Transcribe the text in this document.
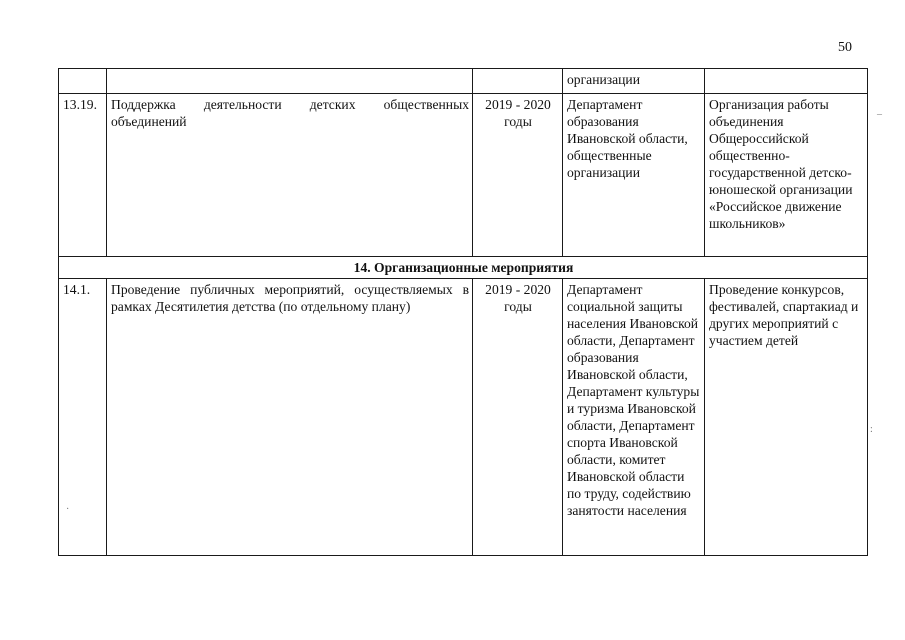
50
			организации	
13.19.	Поддержка деятельности детских общественных объединений	2019 - 2020 годы	Департамент образования Ивановской области, общественные организации	Организация работы объединения Общероссийской общественно-государственной детско-юношеской организации «Российское движение школьников»
14. Организационные мероприятия				
14.1.	Проведение публичных мероприятий, осуществляемых в рамках Десятилетия детства (по отдельному плану)	2019 - 2020 годы	Департамент социальной защиты населения Ивановской области, Департамент образования Ивановской области, Департамент культуры и туризма Ивановской области, Департамент спорта Ивановской области, комитет Ивановской области по труду, содействию занятости населения	Проведение конкурсов, фестивалей, спартакиад и других мероприятий с участием детей
–
:
·
